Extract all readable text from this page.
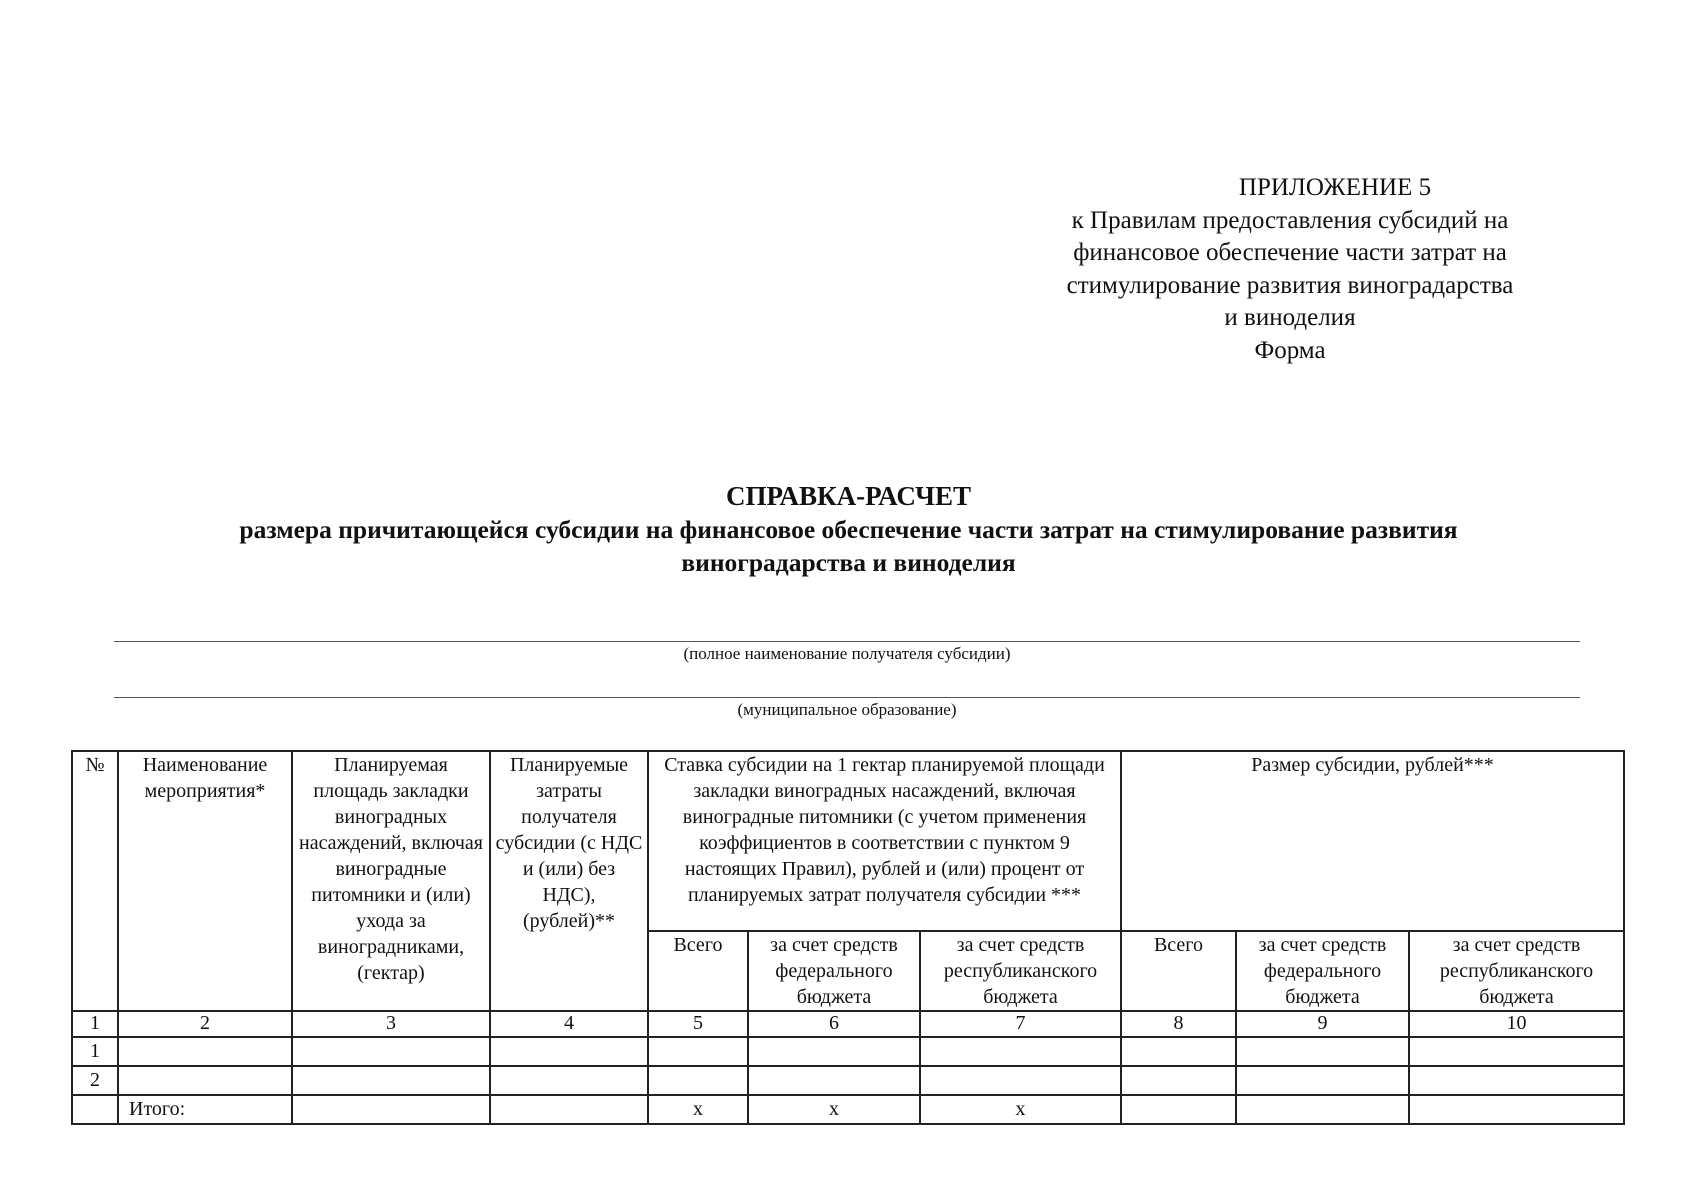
ПРИЛОЖЕНИЕ 5
к Правилам предоставления субсидий на
финансовое обеспечение части затрат на
стимулирование развития виноградарства
и виноделия
Форма
СПРАВКА-РАСЧЕТ
размера причитающейся субсидии на финансовое обеспечение части затрат на стимулирование развития
виноградарства и виноделия
(полное наименование получателя субсидии)
(муниципальное образование)
№	Наименование мероприятия*	Планируемая площадь закладки виноградных насаждений, включая виноградные питомники и (или) ухода за виноградниками, (гектар)	Планируемые затраты получателя субсидии (с НДС и (или) без НДС), (рублей)**	Ставка субсидии на 1 гектар планируемой площади закладки виноградных насаждений, включая виноградные питомники (с учетом применения коэффициентов в соответствии с пунктом 9 настоящих Правил), рублей и (или) процент от планируемых затрат получателя субсидии ***			Размер субсидии, рублей***		
				Всего	за счет средств федерального бюджета	за счет средств республиканского бюджета	Всего	за счет средств федерального бюджета	за счет средств республиканского бюджета
1	2	3	4	5	6	7	8	9	10
1									
2									
	Итого:			х	х	х			
